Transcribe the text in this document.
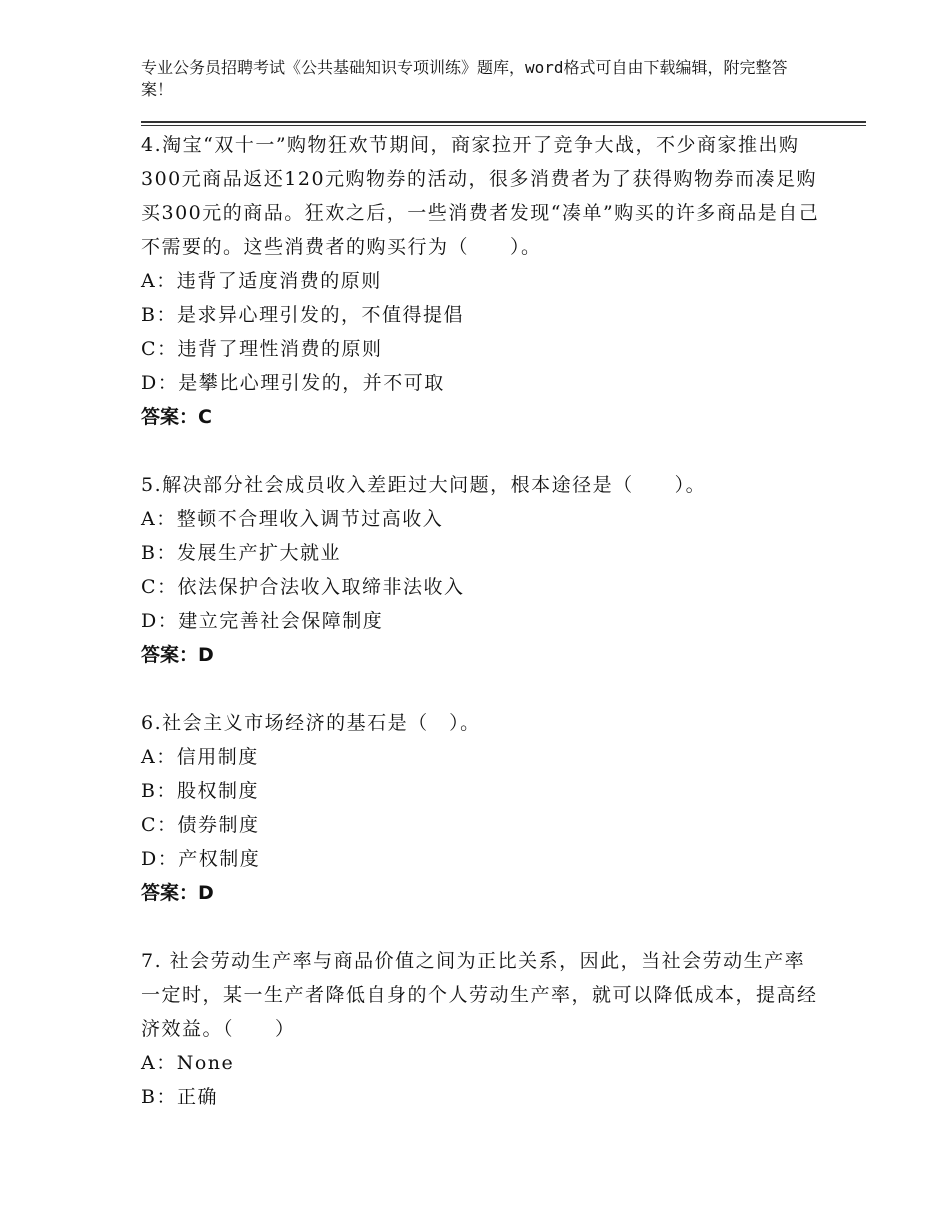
专业公务员招聘考试《公共基础知识专项训练》题库，word格式可自由下载编辑，附完整答案！
4.淘宝“双十一”购物狂欢节期间，商家拉开了竞争大战，不少商家推出购300元商品返还120元购物券的活动，很多消费者为了获得购物券而凑足购买300元的商品。狂欢之后，一些消费者发现“凑单”购买的许多商品是自己不需要的。这些消费者的购买行为（　　）。
A：违背了适度消费的原则
B：是求异心理引发的，不值得提倡
C：违背了理性消费的原则
D：是攀比心理引发的，并不可取
答案：C
5.解决部分社会成员收入差距过大问题，根本途径是（　　）。
A：整顿不合理收入调节过高收入
B：发展生产扩大就业
C：依法保护合法收入取缔非法收入
D：建立完善社会保障制度
答案：D
6.社会主义市场经济的基石是（　）。
A：信用制度
B：股权制度
C：债券制度
D：产权制度
答案：D
7. 社会劳动生产率与商品价值之间为正比关系，因此，当社会劳动生产率一定时，某一生产者降低自身的个人劳动生产率，就可以降低成本，提高经济效益。（　　）
A：None
B：正确
